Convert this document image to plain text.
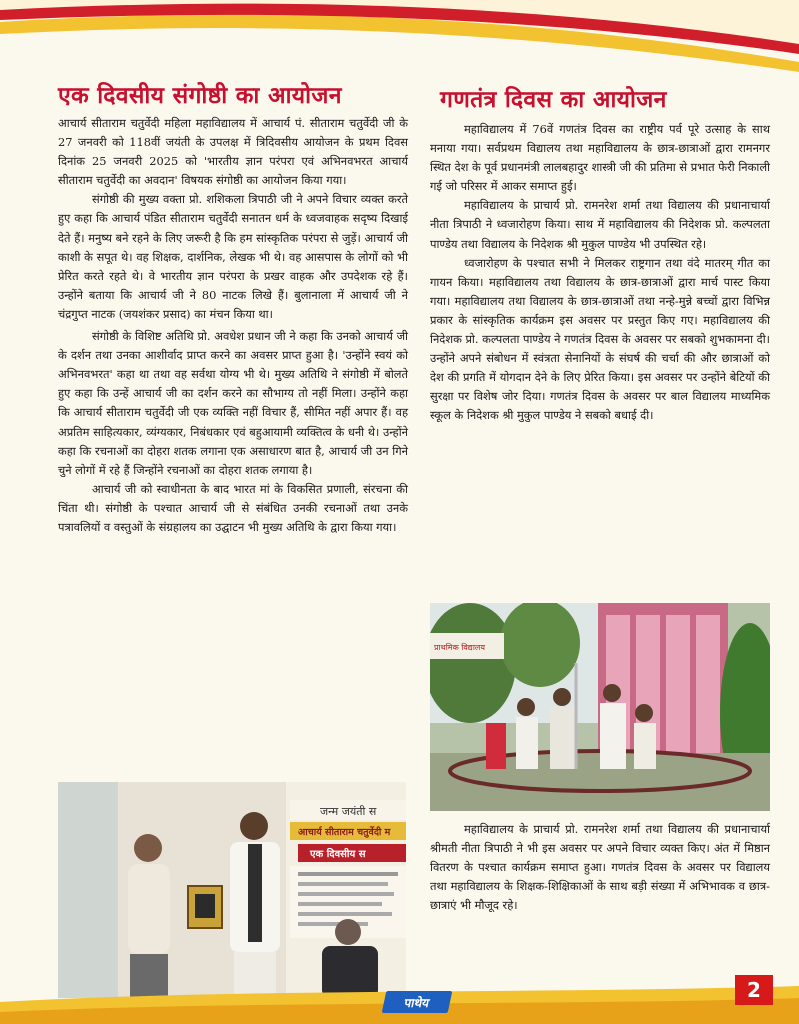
एक दिवसीय संगोष्ठी का आयोजन

आचार्य सीताराम चतुर्वेदी महिला महाविद्यालय में आचार्य पं. सीताराम चतुर्वेदी जी के 27 जनवरी को 118वीं जयंती के उपलक्ष में त्रिदिवसीय आयोजन के प्रथम दिवस दिनांक 25 जनवरी 2025 को 'भारतीय ज्ञान परंपरा एवं अभिनवभरत आचार्य सीताराम चतुर्वेदी का अवदान' विषयक संगोष्ठी का आयोजन किया गया।

संगोष्ठी की मुख्य वक्ता प्रो. शशिकला त्रिपाठी जी ने अपने विचार व्यक्त करते हुए कहा कि आचार्य पंडित सीताराम चतुर्वेदी सनातन धर्म के ध्वजवाहक सदृष्य दिखाई देते हैं। मनुष्य बने रहने के लिए जरूरी है कि हम सांस्कृतिक परंपरा से जुड़ें। आचार्य जी काशी के सपूत थे। वह शिक्षक, दार्शनिक, लेखक भी थे। वह आसपास के लोगों को भी प्रेरित करते रहते थे। वे भारतीय ज्ञान परंपरा के प्रखर वाहक और उपदेशक रहे हैं। उन्होंने बताया कि आचार्य जी ने 80 नाटक लिखे हैं। बुलानाला में आचार्य जी ने चंद्रगुप्त नाटक (जयशंकर प्रसाद) का मंचन किया था।

संगोष्ठी के विशिष्ट अतिथि प्रो. अवधेश प्रधान जी ने कहा कि उनको आचार्य जी के दर्शन तथा उनका आशीर्वाद प्राप्त करने का अवसर प्राप्त हुआ है। 'उन्होंने स्वयं को अभिनवभरत' कहा था तथा वह सर्वथा योग्य भी थे। मुख्य अतिथि ने संगोष्ठी में बोलते हुए कहा कि उन्हें आचार्य जी का दर्शन करने का सौभाग्य तो नहीं मिला। उन्होंने कहा कि आचार्य सीताराम चतुर्वेदी जी एक व्यक्ति नहीं विचार हैं, सीमित नहीं अपार हैं। वह अप्रतिम साहित्यकार, व्यंग्यकार, निबंधकार एवं बहुआयामी व्यक्तित्व के धनी थे। उन्होंने कहा कि रचनाओं का दोहरा शतक लगाना एक असाधारण बात है, आचार्य जी उन गिने चुने लोगों में रहे हैं जिन्होंने रचनाओं का दोहरा शतक लगाया है।

आचार्य जी को स्वाधीनता के बाद भारत मां के विकसित प्रणाली, संरचना की चिंता थी। संगोष्ठी के पश्चात आचार्य जी से संबंधित उनकी रचनाओं तथा उनके पत्रावलियों व वस्तुओं के संग्रहालय का उद्घाटन भी मुख्य अतिथि के द्वारा किया गया।

जन्म जयंती स
आचार्य सीताराम चतुर्वेदी म
एक दिवसीय स
गणतंत्र दिवस का आयोजन

महाविद्यालय में 76वें गणतंत्र दिवस का राष्ट्रीय पर्व पूरे उत्साह के साथ मनाया गया। सर्वप्रथम विद्यालय तथा महाविद्यालय के छात्र-छात्राओं द्वारा रामनगर स्थित देश के पूर्व प्रधानमंत्री लालबहादुर शास्त्री जी की प्रतिमा से प्रभात फेरी निकाली गई जो परिसर में आकर समाप्त हुई।

महाविद्यालय के प्राचार्य प्रो. रामनरेश शर्मा तथा विद्यालय की प्रधानाचार्या नीता त्रिपाठी ने ध्वजारोहण किया। साथ में महाविद्यालय की निदेशक प्रो. कल्पलता पाण्डेय तथा विद्यालय के निदेशक श्री मुकुल पाण्डेय भी उपस्थित रहे।

ध्वजारोहण के पश्चात सभी ने मिलकर राष्ट्रगान तथा वंदे मातरम् गीत का गायन किया। महाविद्यालय तथा विद्यालय के छात्र-छात्राओं द्वारा मार्च पास्ट किया गया। महाविद्यालय तथा विद्यालय के छात्र-छात्राओं तथा नन्हे-मुन्ने बच्चों द्वारा विभिन्न प्रकार के सांस्कृतिक कार्यक्रम इस अवसर पर प्रस्तुत किए गए। महाविद्यालय की निदेशक प्रो. कल्पलता पाण्डेय ने गणतंत्र दिवस के अवसर पर सबको शुभकामना दी। उन्होंने अपने संबोधन में स्वंत्रता सेनानियों के संघर्ष की चर्चा की और छात्राओं को देश की प्रगति में योगदान देने के लिए प्रेरित किया। इस अवसर पर उन्होंने बेटियों की सुरक्षा पर विशेष जोर दिया। गणतंत्र दिवस के अवसर पर बाल विद्यालय माध्यमिक स्कूल के निदेशक श्री मुकुल पाण्डेय ने सबको बधाई दी।

प्राथमिक विद्यालय

महाविद्यालय के प्राचार्य प्रो. रामनरेश शर्मा तथा विद्यालय की प्रधानाचार्या श्रीमती नीता त्रिपाठी ने भी इस अवसर पर अपने विचार व्यक्त किए। अंत में मिष्ठान वितरण के पश्चात कार्यक्रम समाप्त हुआ। गणतंत्र दिवस के अवसर पर विद्यालय तथा महाविद्यालय के शिक्षक-शिक्षिकाओं के साथ बड़ी संख्या में अभिभावक व छात्र-छात्राएं भी मौजूद रहे।

पाथेय
2
